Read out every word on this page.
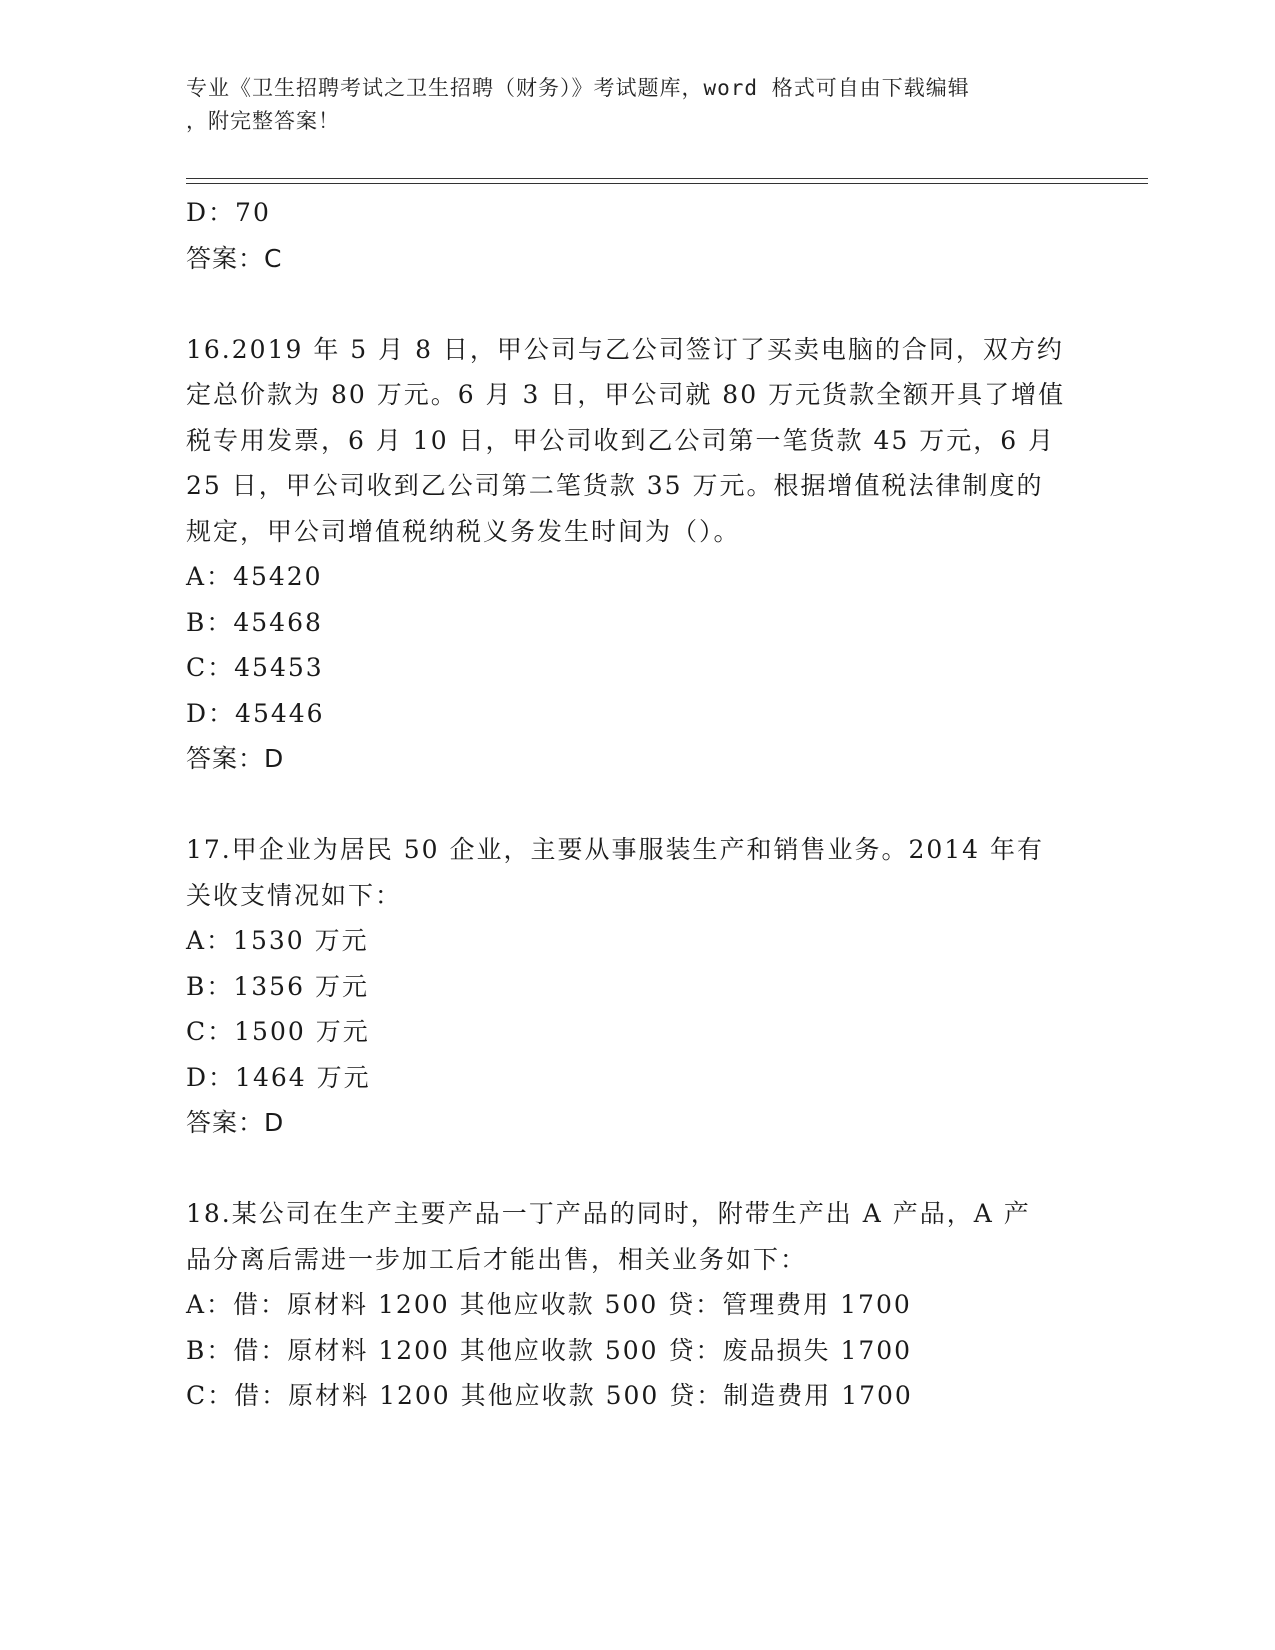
专业《卫生招聘考试之卫生招聘（财务）》考试题库，word 格式可自由下载编辑
，附完整答案！
D：70
答案：C
16.2019 年 5 月 8 日，甲公司与乙公司签订了买卖电脑的合同，双方约
定总价款为 80 万元。6 月 3 日，甲公司就 80 万元货款全额开具了增值
税专用发票，6 月 10 日，甲公司收到乙公司第一笔货款 45 万元，6 月
25 日，甲公司收到乙公司第二笔货款 35 万元。根据增值税法律制度的
规定，甲公司增值税纳税义务发生时间为（）。
A：45420
B：45468
C：45453
D：45446
答案：D
17.甲企业为居民 50 企业，主要从事服装生产和销售业务。2014 年有
关收支情况如下：
A：1530 万元
B：1356 万元
C：1500 万元
D：1464 万元
答案：D
18.某公司在生产主要产品一丁产品的同时，附带生产出 A 产品，A 产
品分离后需进一步加工后才能出售，相关业务如下：
A：借：原材料 1200 其他应收款 500 贷：管理费用 1700
B：借：原材料 1200 其他应收款 500 贷：废品损失 1700
C：借：原材料 1200 其他应收款 500 贷：制造费用 1700
